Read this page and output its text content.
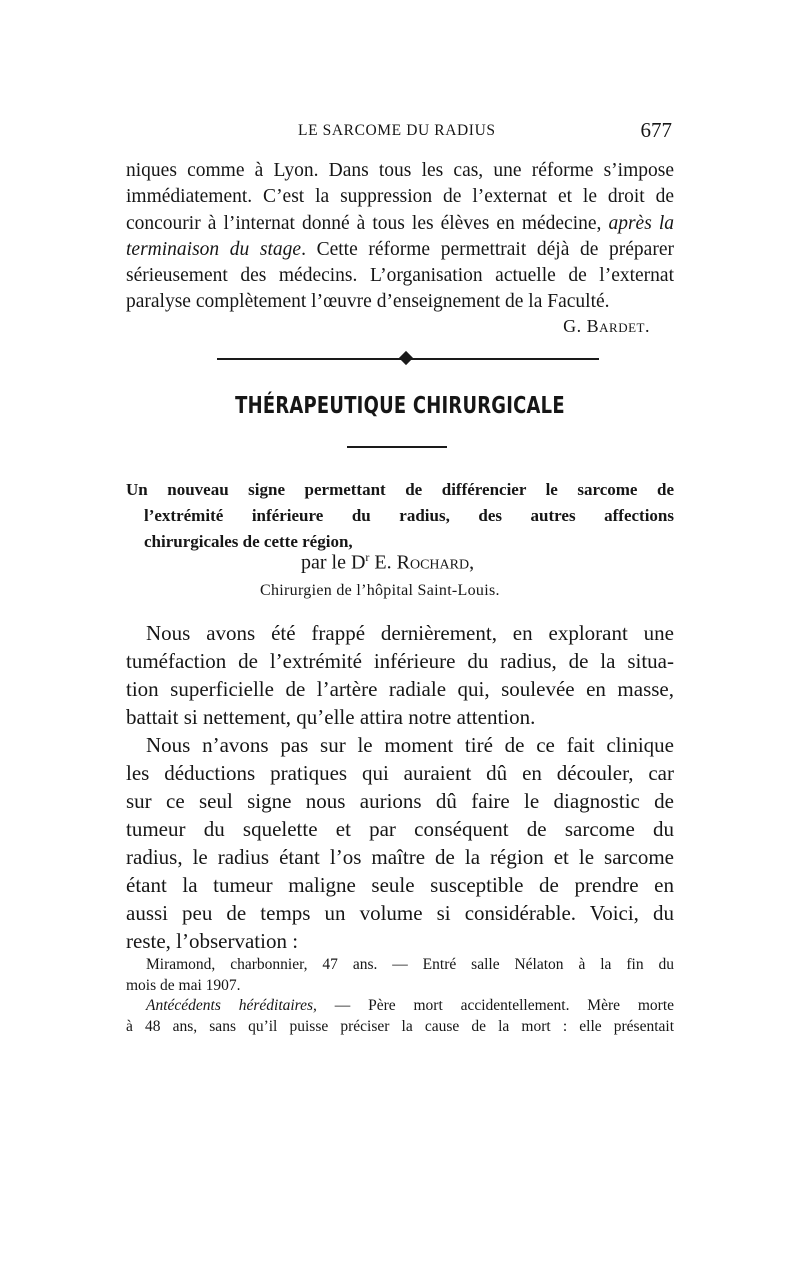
LE SARCOME DU RADIUS	677
niques comme à Lyon. Dans tous les cas, une réforme s’impose
immédiatement. C’est la suppression de l’externat et le droit de
concourir à l’internat donné à tous les élèves en médecine, après la
terminaison du stage. Cette réforme permettrait déjà de préparer
sérieusement des médecins. L’organisation actuelle de l’externat
paralyse complètement l’œuvre d’enseignement de la Faculté.
G. Bardet.
THÉRAPEUTIQUE CHIRURGICALE
Un nouveau signe permettant de différencier le sarcome de
l’extrémité inférieure du radius, des autres affections
chirurgicales de cette région,
par le $D^r$ E. Rochard,
Chirurgien de l’hôpital Saint-Louis.
Nous avons été frappé dernièrement, en explorant une
tuméfaction de l’extrémité inférieure du radius, de la situa-
tion superficielle de l’artère radiale qui, soulevée en masse,
battait si nettement, qu’elle attira notre attention.
Nous n’avons pas sur le moment tiré de ce fait clinique
les déductions pratiques qui auraient dû en découler, car
sur ce seul signe nous aurions dû faire le diagnostic de
tumeur du squelette et par conséquent de sarcome du
radius, le radius étant l’os maître de la région et le sarcome
étant la tumeur maligne seule susceptible de prendre en
aussi peu de temps un volume si considérable. Voici, du
reste, l’observation :
Miramond, charbonnier, 47 ans. — Entré salle Nélaton à la fin du
mois de mai 1907.
Antécédents héréditaires, — Père mort accidentellement. Mère morte
à 48 ans, sans qu’il puisse préciser la cause de la mort : elle présentait
